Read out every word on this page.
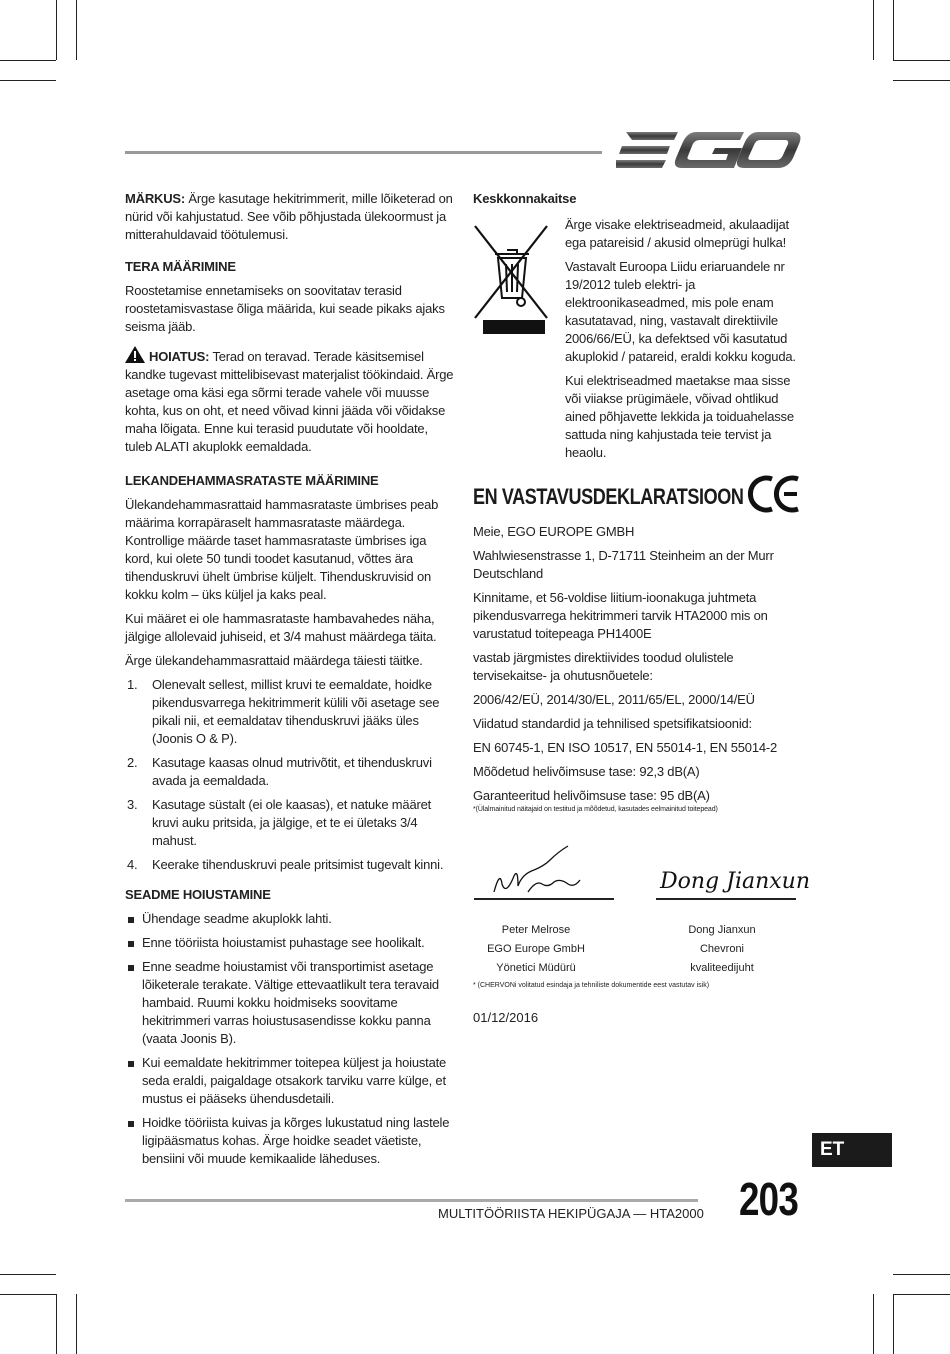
MÄRKUS: Ärge kasutage hekitrimmerit, mille lõiketerad on nürid või kahjustatud. See võib põhjustada ülekoormust ja mitterahuldavaid töötulemusi.

TERA MÄÄRIMINE

Roostetamise ennetamiseks on soovitatav terasid roostetamisvastase õliga määrida, kui seade pikaks ajaks seisma jääb.

HOIATUS: Terad on teravad. Terade käsitsemisel kandke tugevast mittelibisevast materjalist töökindaid. Ärge asetage oma käsi ega sõrmi terade vahele või muusse kohta, kus on oht, et need võivad kinni jääda või võidakse maha lõigata. Enne kui terasid puudutate või hooldate, tuleb ALATI akuplokk eemaldada.

LEKANDEHAMMASRATASTE MÄÄRIMINE

Ülekandehammasrattaid hammasrataste ümbrises peab määrima korrapäraselt hammasrataste määrdega. Kontrollige määrde taset hammasrataste ümbrises iga kord, kui olete 50 tundi toodet kasutanud, võttes ära tihenduskruvi ühelt ümbrise küljelt. Tihenduskruvisid on kokku kolm – üks küljel ja kaks peal.

Kui määret ei ole hammasrataste hambavahedes näha, jälgige allolevaid juhiseid, et 3/4 mahust määrdega täita.

Ärge ülekandehammasrattaid määrdega täiesti täitke.

1. Olenevalt sellest, millist kruvi te eemaldate, hoidke pikendusvarrega hekitrimmerit külili või asetage see pikali nii, et eemaldatav tihenduskruvi jääks üles (Joonis O & P).
2. Kasutage kaasas olnud mutrivõtit, et tihenduskruvi avada ja eemaldada.
3. Kasutage süstalt (ei ole kaasas), et natuke määret kruvi auku pritsida, ja jälgige, et te ei ületaks 3/4 mahust.
4. Keerake tihenduskruvi peale pritsimist tugevalt kinni.
SEADME HOIUSTAMINE
Ühendage seadme akuplokk lahti.
Enne tööriista hoiustamist puhastage see hoolikalt.
Enne seadme hoiustamist või transportimist asetage lõiketerale terakate. Vältige ettevaatlikult tera teravaid hambaid. Ruumi kokku hoidmiseks soovitame hekitrimmeri varras hoiustusasendisse kokku panna (vaata Joonis B).
Kui eemaldate hekitrimmer toitepea küljest ja hoiustate seda eraldi, paigaldage otsakork tarviku varre külge, et mustus ei pääseks ühendusdetaili.
Hoidke tööriista kuivas ja kõrges lukustatud ning lastele ligipääsmatus kohas. Ärge hoidke seadet väetiste, bensiini või muude kemikaalide läheduses.
Keskkonnakaitse

Ärge visake elektriseadmeid, akulaadijat ega patareisid / akusid olmeprügi hulka!

Vastavalt Euroopa Liidu eriaruandele nr 19/2012 tuleb elektri- ja elektroonikaseadmed, mis pole enam kasutatavad, ning, vastavalt direktiivile 2006/66/EÜ, ka defektsed või kasutatud akuplokid / patareid, eraldi kokku koguda.

Kui elektriseadmed maetakse maa sisse või viiakse prügimäele, võivad ohtlikud ained põhjavette lekkida ja toiduahelasse sattuda ning kahjustada teie tervist ja heaolu.

EN VASTAVUSDEKLARATSIOON

Meie, EGO EUROPE GMBH

Wahlwiesenstrasse 1, D-71711 Steinheim an der Murr Deutschland

Kinnitame, et 56-voldise liitium-ioonakuga juhtmeta pikendusvarrega hekitrimmeri tarvik HTA2000 mis on varustatud toitepeaga PH1400E

vastab järgmistes direktiivides toodud olulistele tervisekaitse- ja ohutusnõuetele:

2006/42/EÜ, 2014/30/EL, 2011/65/EL, 2000/14/EÜ

Viidatud standardid ja tehnilised spetsifikatsioonid:

EN 60745-1, EN ISO 10517, EN 55014-1, EN 55014-2

Mõõdetud helivõimsuse tase: 92,3 dB(A)

Garanteeritud helivõimsuse tase: 95 dB(A)

*(Ülalmainitud näitajaid on testitud ja mõõdetud, kasutades eelmainitud toitepead)
Dong Jianxun
Peter Melrose
EGO Europe GmbH
Yönetici Müdürü
Dong Jianxun
Chevroni
kvaliteedijuht
* (CHERVONi volitatud esindaja ja tehniliste dokumentide eest vastutav isik)
01/12/2016
ET
MULTITÖÖRIISTA HEKIPÜGAJA — HTA2000 203
